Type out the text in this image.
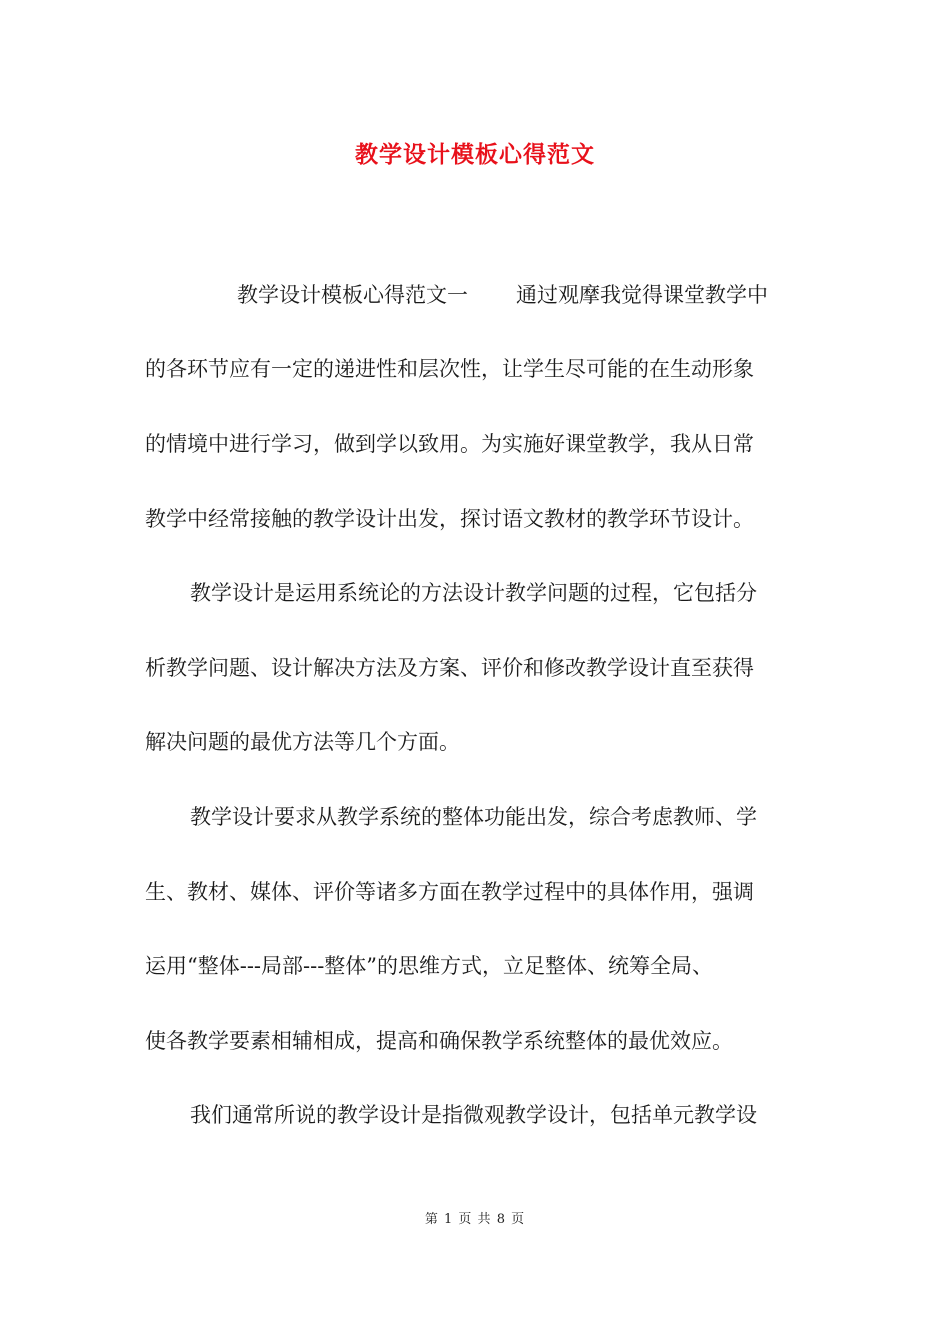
教学设计模板心得范文
教学设计模板心得范文一 通过观摩我觉得课堂教学中
的各环节应有一定的递进性和层次性，让学生尽可能的在生动形象
的情境中进行学习，做到学以致用。为实施好课堂教学，我从日常
教学中经常接触的教学设计出发，探讨语文教材的教学环节设计。
教学设计是运用系统论的方法设计教学问题的过程，它包括分
析教学问题、设计解决方法及方案、评价和修改教学设计直至获得
解决问题的最优方法等几个方面。
教学设计要求从教学系统的整体功能出发，综合考虑教师、学
生、教材、媒体、评价等诸多方面在教学过程中的具体作用，强调
运用“整体---局部---整体”的思维方式，立足整体、统筹全局、
使各教学要素相辅相成，提高和确保教学系统整体的最优效应。
我们通常所说的教学设计是指微观教学设计，包括单元教学设
第 1 页 共 8 页
